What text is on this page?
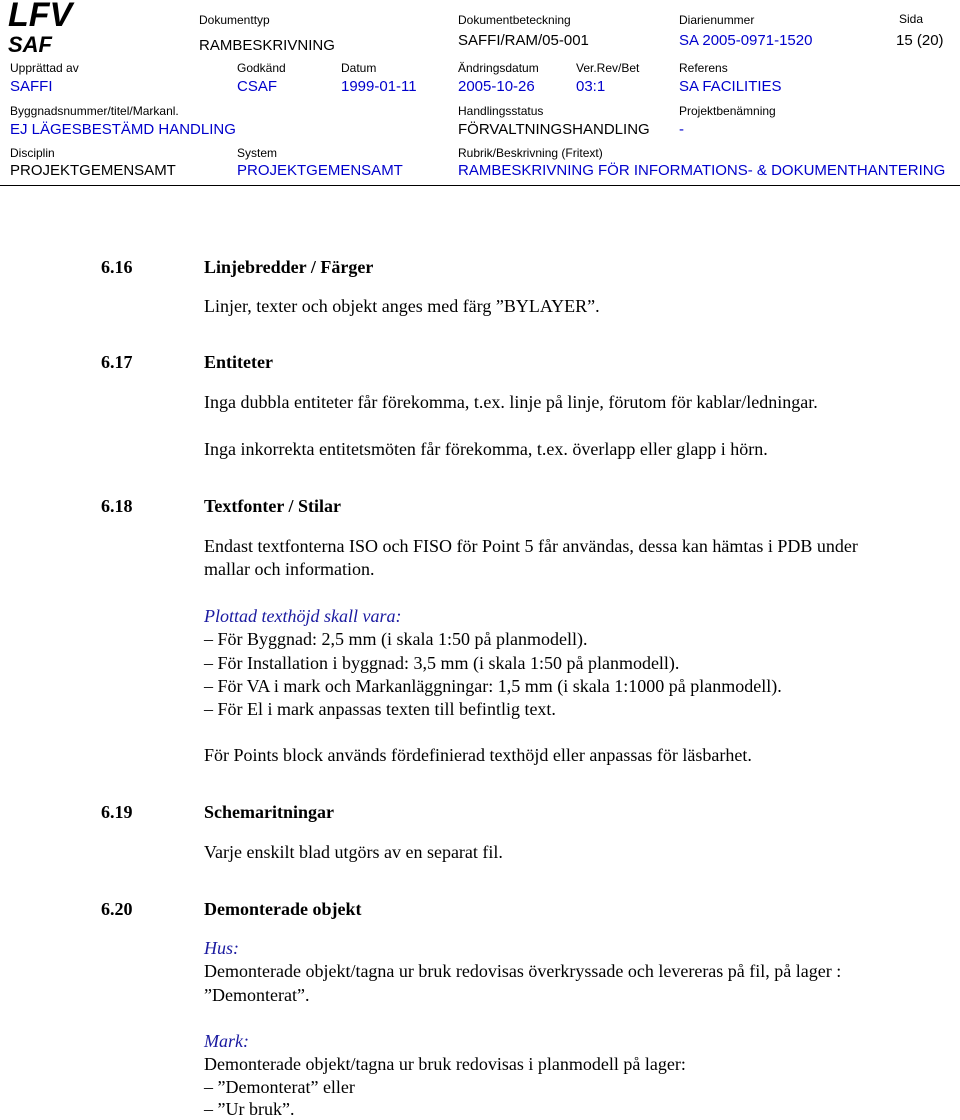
LFV
SAF
Dokumenttyp
RAMBESKRIVNING
Dokumentbeteckning
SAFFI/RAM/05-001
Diarienummer
SA 2005-0971-1520
Sida
15 (20)
Upprättad av
SAFFI
Godkänd
CSAF
Datum
1999-01-11
Ändringsdatum
2005-10-26
Ver.Rev/Bet
03:1
Referens
SA FACILITIES
Byggnadsnummer/titel/Markanl.
EJ LÄGESBESTÄMD HANDLING
Handlingsstatus
FÖRVALTNINGSHANDLING
Projektbenämning
-
Disciplin
PROJEKTGEMENSAMT
System
PROJEKTGEMENSAMT
Rubrik/Beskrivning (Fritext)
RAMBESKRIVNING FÖR INFORMATIONS- & DOKUMENTHANTERING
6.16	Linjebredder / Färger
Linjer, texter och objekt anges med färg ”BYLAYER”.
6.17	Entiteter
Inga dubbla entiteter får förekomma, t.ex. linje på linje, förutom för kablar/ledningar.
Inga inkorrekta entitetsmöten får förekomma, t.ex. överlapp eller glapp i hörn.
6.18	Textfonter / Stilar
Endast textfonterna ISO och FISO för Point 5 får användas, dessa kan hämtas i PDB under
mallar och information.
Plottad texthöjd skall vara:
– För Byggnad: 2,5 mm (i skala 1:50 på planmodell).
– För Installation i byggnad: 3,5 mm (i skala 1:50 på planmodell).
– För VA i mark och Markanläggningar: 1,5 mm (i skala 1:1000 på planmodell).
– För El i mark anpassas texten till befintlig text.
För Points block används fördefinierad texthöjd eller anpassas för läsbarhet.
6.19	Schemaritningar
Varje enskilt blad utgörs av en separat fil.
6.20	Demonterade objekt
Hus:
Demonterade objekt/tagna ur bruk redovisas överkryssade och levereras på fil, på lager :
”Demonterat”.
Mark:
Demonterade objekt/tagna ur bruk redovisas i planmodell på lager:
– ”Demonterat” eller
– ”Ur bruk”.
